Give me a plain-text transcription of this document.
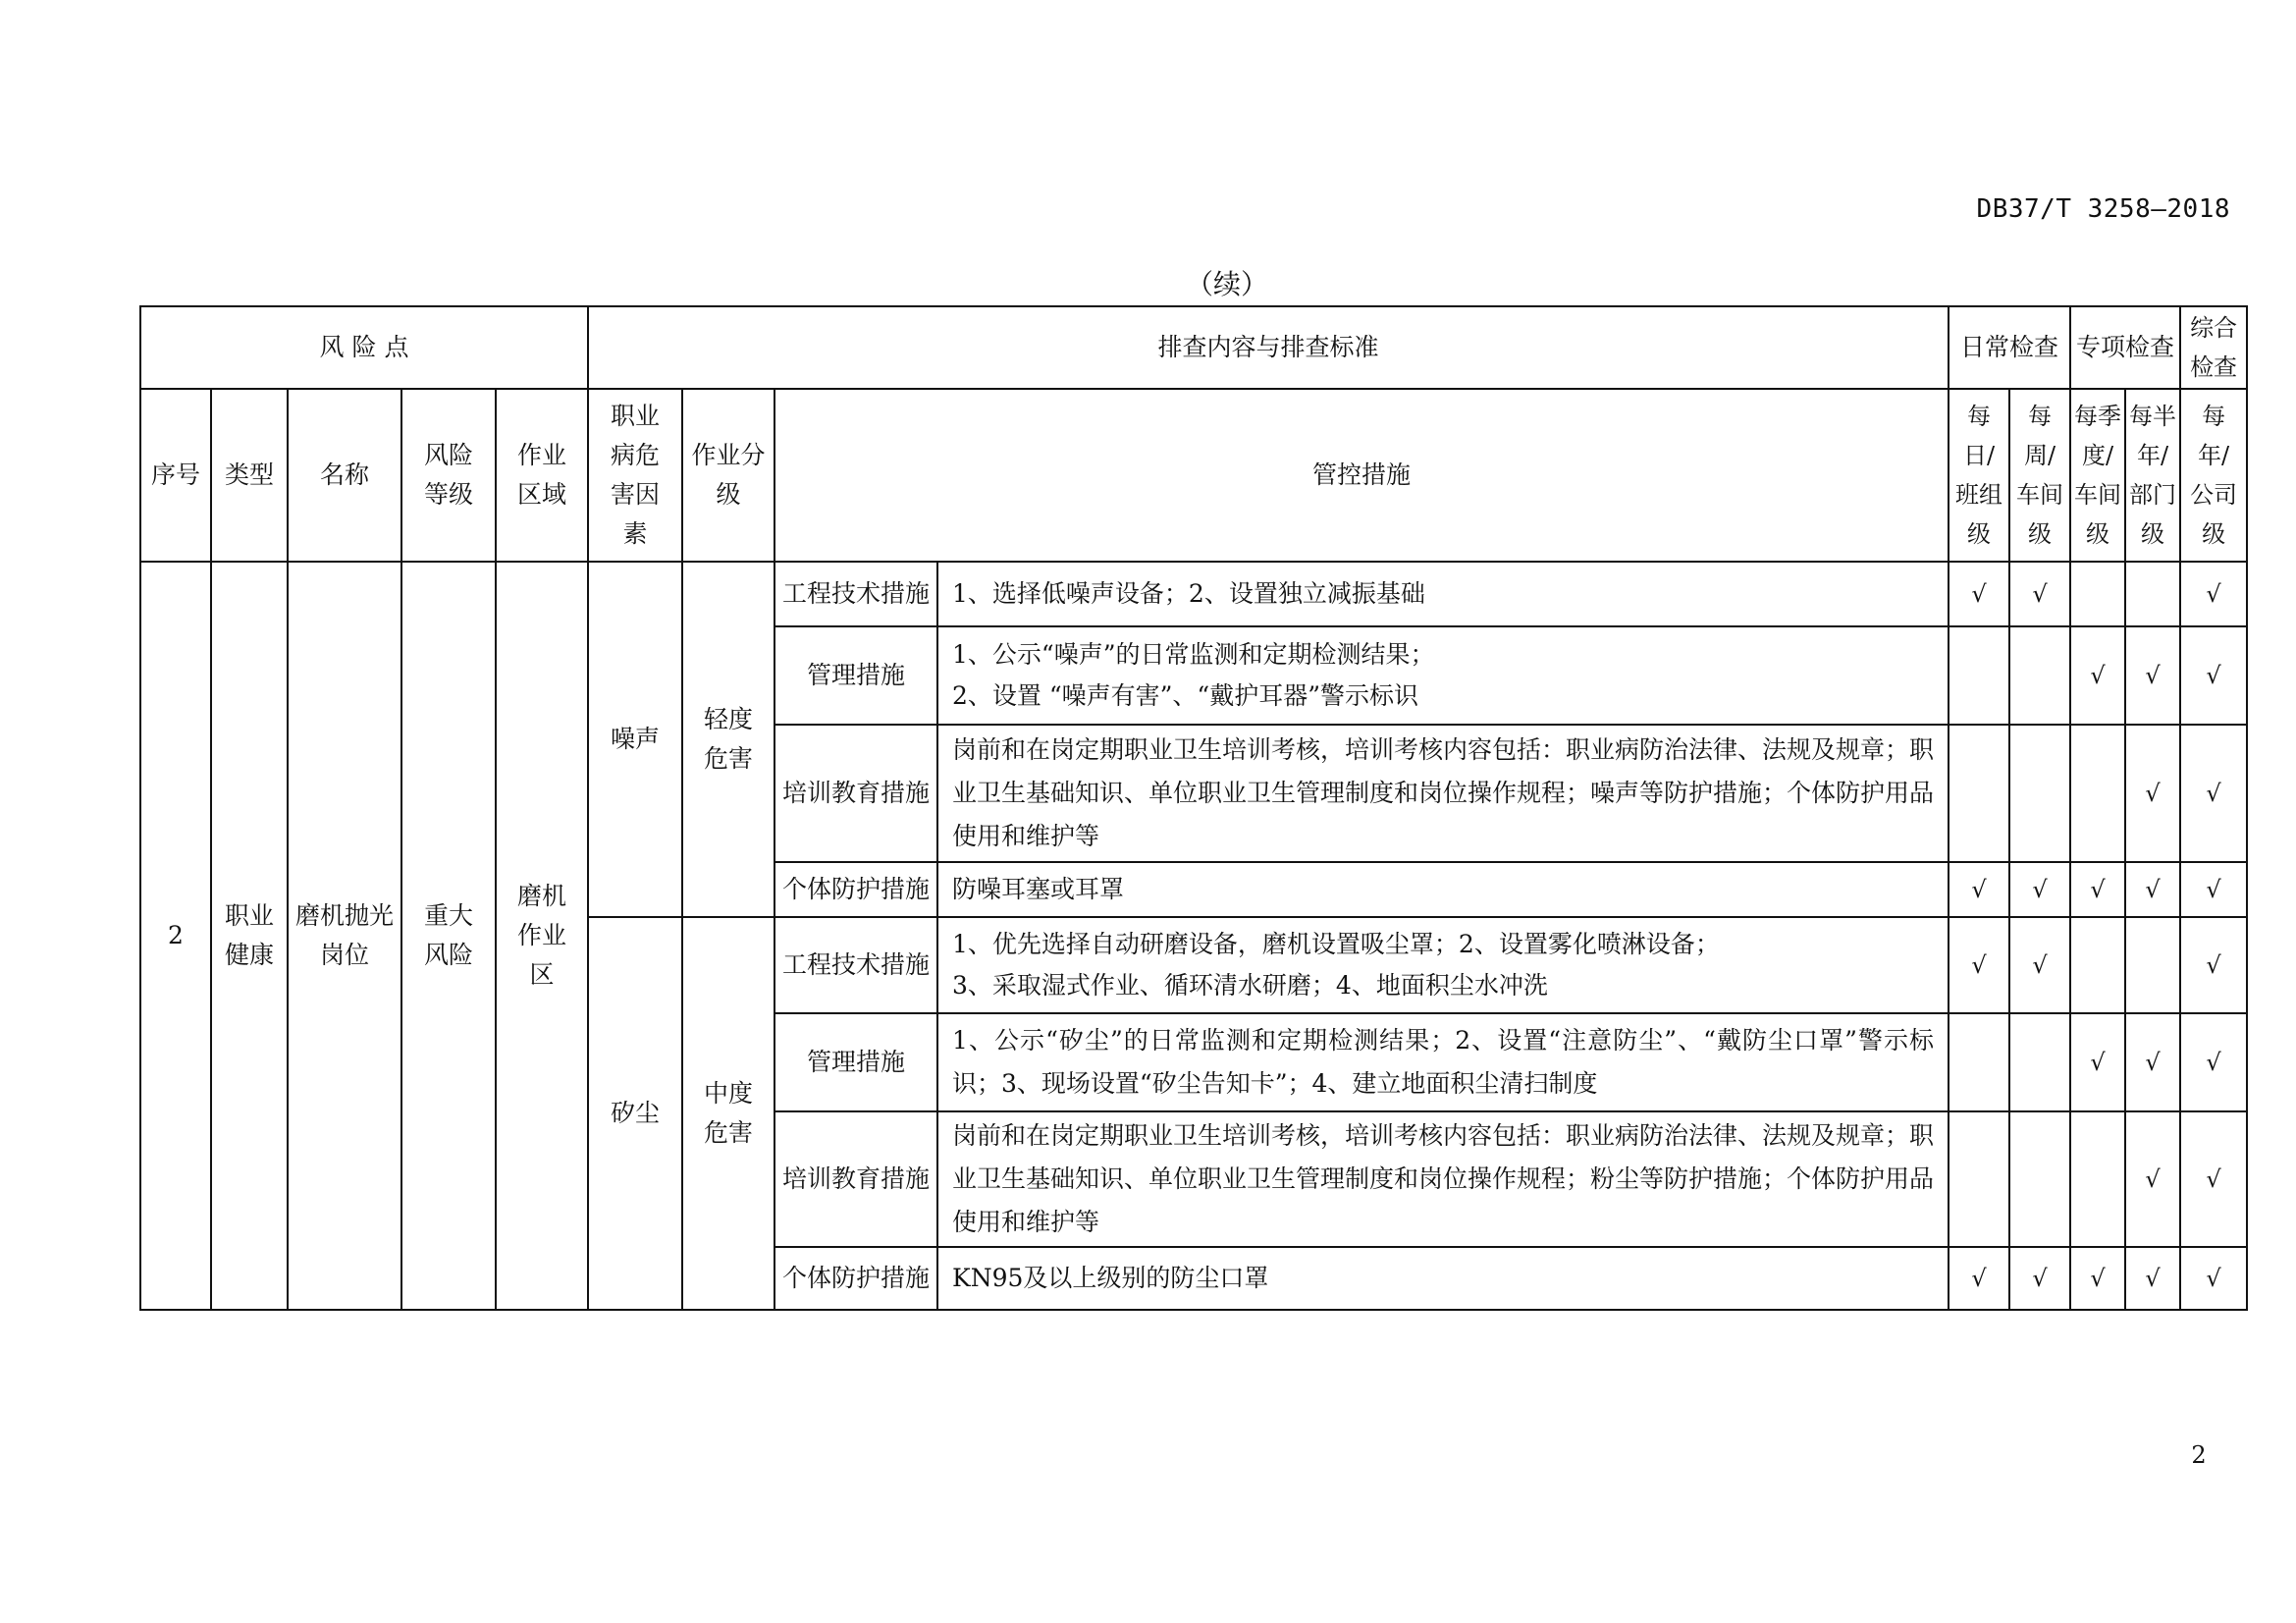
DB37/T 3258—2018
（续）
风 险 点					排查内容与排查标准				日常检查		专项检查		综合检查
序号	类型	名称	风险等级	作业区域	职业病危害因素	作业分级	管控措施		每日/班组级	每周/车间级	每季度/车间级	每半年/部门级	每年/公司级
2	职业健康	磨机抛光岗位	重大风险	磨机作业区	噪声	轻度危害	工程技术措施	1、选择低噪声设备；2、设置独立减振基础	√	√			√
							管理措施	1、公示“噪声”的日常监测和定期检测结果；
2、设置 “噪声有害”、“戴护耳器”警示标识			√	√	√
							培训教育措施	岗前和在岗定期职业卫生培训考核，培训考核内容包括：职业病防治法律、法规及规章；职业卫生基础知识、单位职业卫生管理制度和岗位操作规程；噪声等防护措施；个体防护用品使用和维护等				√	√
							个体防护措施	防噪耳塞或耳罩	√	√	√	√	√
					矽尘	中度危害	工程技术措施	1、优先选择自动研磨设备，磨机设置吸尘罩；2、设置雾化喷淋设备；
3、采取湿式作业、循环清水研磨；4、地面积尘水冲洗	√	√			√
							管理措施	1、公示“矽尘”的日常监测和定期检测结果；2、设置“注意防尘”、“戴防尘口罩”警示标识；3、现场设置“矽尘告知卡”；4、建立地面积尘清扫制度			√	√	√
							培训教育措施	岗前和在岗定期职业卫生培训考核，培训考核内容包括：职业病防治法律、法规及规章；职业卫生基础知识、单位职业卫生管理制度和岗位操作规程；粉尘等防护措施；个体防护用品使用和维护等				√	√
							个体防护措施	KN95及以上级别的防尘口罩	√	√	√	√	√
2
